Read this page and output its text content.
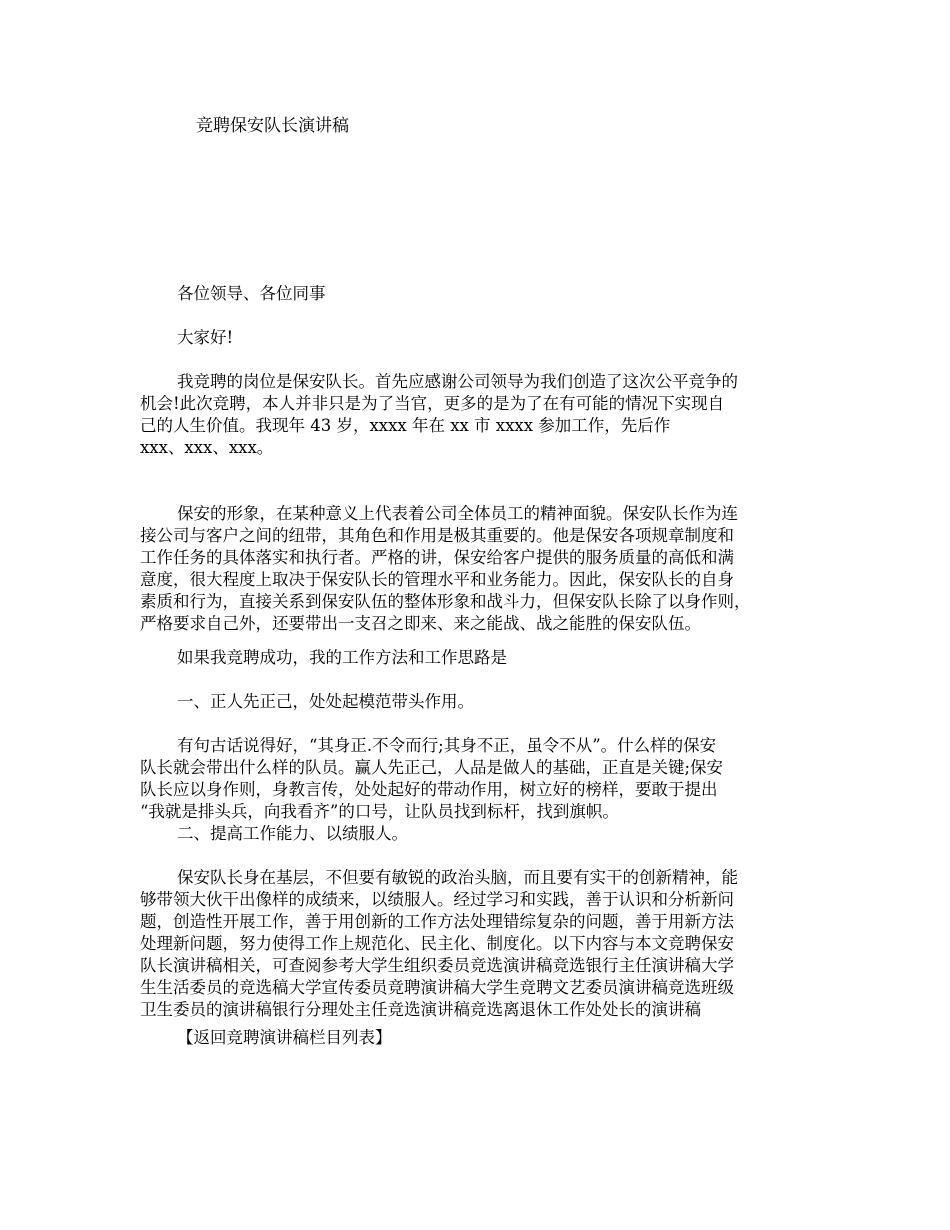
竞聘保安队长演讲稿
各位领导、各位同事
大家好!
我竞聘的岗位是保安队长。首先应感谢公司领导为我们创造了这次公平竞争的
机会!此次竞聘，本人并非只是为了当官，更多的是为了在有可能的情况下实现自
己的人生价值。我现年 43 岁，xxxx 年在 xx 市 xxxx 参加工作，先后作
xxx、xxx、xxx。
保安的形象，在某种意义上代表着公司全体员工的精神面貌。保安队长作为连
接公司与客户之间的纽带，其角色和作用是极其重要的。他是保安各项规章制度和
工作任务的具体落实和执行者。严格的讲，保安给客户提供的服务质量的高低和满
意度，很大程度上取决于保安队长的管理水平和业务能力。因此，保安队长的自身
素质和行为，直接关系到保安队伍的整体形象和战斗力，但保安队长除了以身作则，
严格要求自己外，还要带出一支召之即来、来之能战、战之能胜的保安队伍。
如果我竞聘成功，我的工作方法和工作思路是
一、正人先正己，处处起模范带头作用。
有句古话说得好，“其身正.不令而行;其身不正，虽令不从”。什么样的保安
队长就会带出什么样的队员。赢人先正己，人品是做人的基础，正直是关键;保安
队长应以身作则，身教言传，处处起好的带动作用，树立好的榜样，要敢于提出
“我就是排头兵，向我看齐”的口号，让队员找到标杆，找到旗帜。
二、提高工作能力、以绩服人。
保安队长身在基层，不但要有敏锐的政治头脑，而且要有实干的创新精神，能
够带领大伙干出像样的成绩来，以绩服人。经过学习和实践，善于认识和分析新问
题，创造性开展工作，善于用创新的工作方法处理错综复杂的问题，善于用新方法
处理新问题，努力使得工作上规范化、民主化、制度化。以下内容与本文竞聘保安
队长演讲稿相关，可查阅参考大学生组织委员竞选演讲稿竞选银行主任演讲稿大学
生生活委员的竞选稿大学宣传委员竞聘演讲稿大学生竞聘文艺委员演讲稿竞选班级
卫生委员的演讲稿银行分理处主任竞选演讲稿竞选离退休工作处处长的演讲稿
【返回竞聘演讲稿栏目列表】
